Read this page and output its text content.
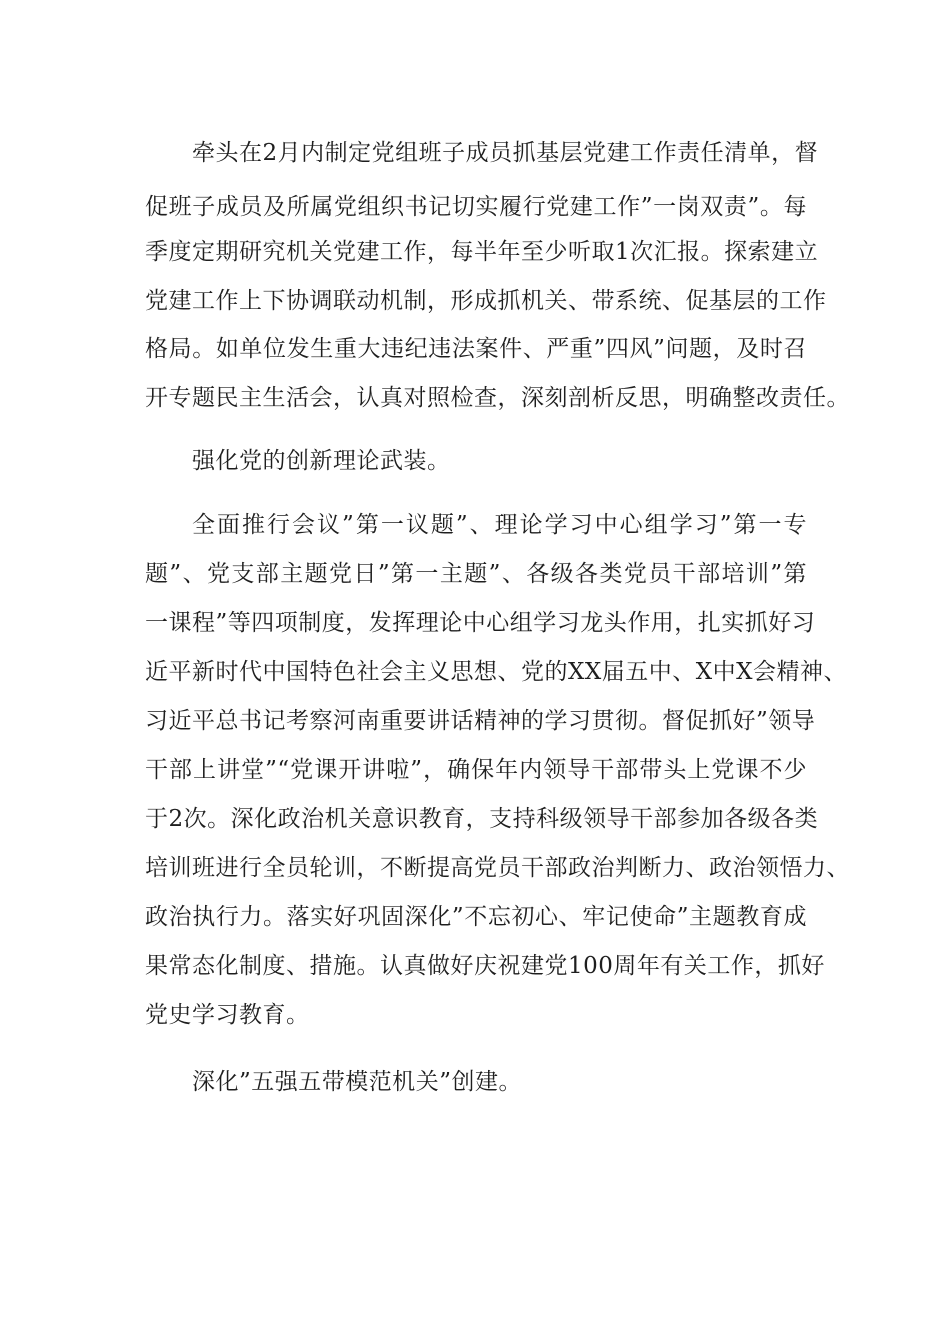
牵头在2月内制定党组班子成员抓基层党建工作责任清单，督
促班子成员及所属党组织书记切实履行党建工作”一岗双责”。每
季度定期研究机关党建工作，每半年至少听取1次汇报。探索建立
党建工作上下协调联动机制，形成抓机关、带系统、促基层的工作
格局。如单位发生重大违纪违法案件、严重”四风”问题，及时召
开专题民主生活会，认真对照检查，深刻剖析反思，明确整改责任。
强化党的创新理论武装。
全面推行会议”第一议题”、理论学习中心组学习”第一专
题”、党支部主题党日”第一主题”、各级各类党员干部培训”第
一课程”等四项制度，发挥理论中心组学习龙头作用，扎实抓好习
近平新时代中国特色社会主义思想、党的XX届五中、X中X会精神、
习近平总书记考察河南重要讲话精神的学习贯彻。督促抓好”领导
干部上讲堂”“党课开讲啦”，确保年内领导干部带头上党课不少
于2次。深化政治机关意识教育，支持科级领导干部参加各级各类
培训班进行全员轮训，不断提高党员干部政治判断力、政治领悟力、
政治执行力。落实好巩固深化”不忘初心、牢记使命”主题教育成
果常态化制度、措施。认真做好庆祝建党100周年有关工作，抓好
党史学习教育。
深化”五强五带模范机关”创建。
